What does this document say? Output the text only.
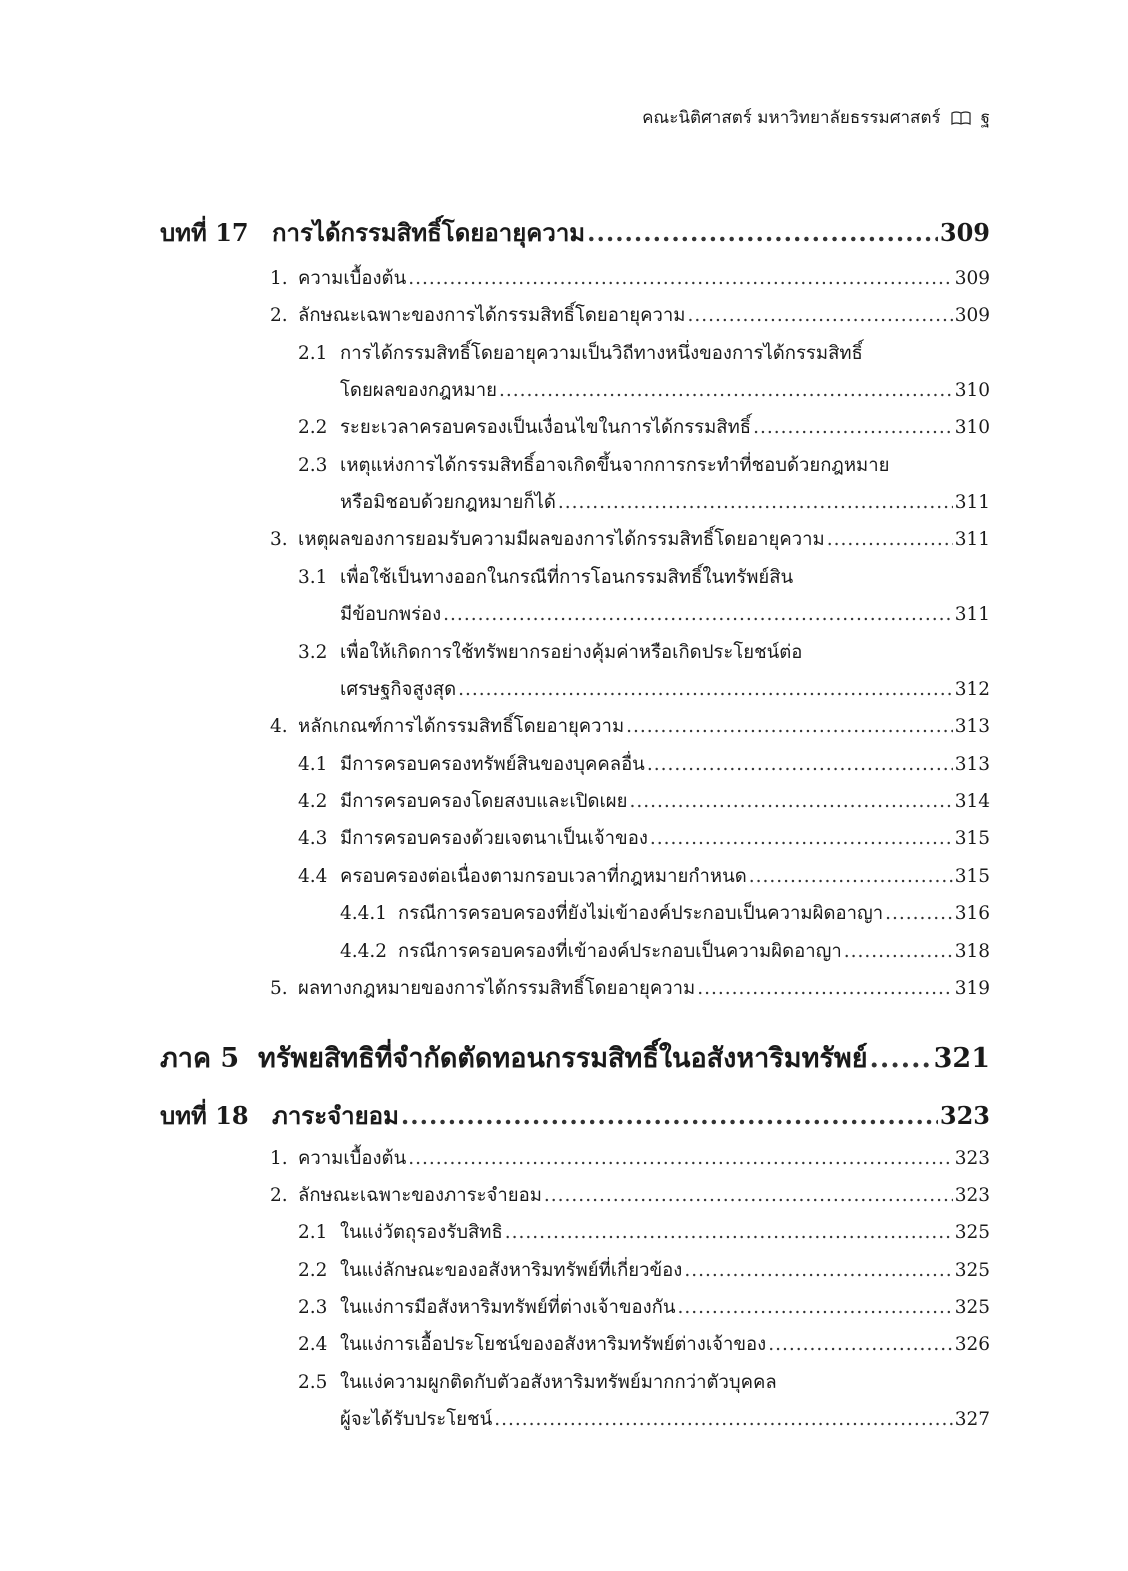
คณะนิติศาสตร์ มหาวิทยาลัยธรรมศาสตร์ ฐ
บทที่ 17 การได้กรรมสิทธิ์โดยอายุความ .....	309
1. ความเบื้องต้น .....	309
2. ลักษณะเฉพาะของการได้กรรมสิทธิ์โดยอายุความ .....	309
2.1 การได้กรรมสิทธิ์โดยอายุความเป็นวิถีทางหนึ่งของการได้กรรมสิทธิ์
โดยผลของกฎหมาย .....	310
2.2 ระยะเวลาครอบครองเป็นเงื่อนไขในการได้กรรมสิทธิ์ .....	310
2.3 เหตุแห่งการได้กรรมสิทธิ์อาจเกิดขึ้นจากการกระทำที่ชอบด้วยกฎหมาย
หรือมิชอบด้วยกฎหมายก็ได้ .....	311
3. เหตุผลของการยอมรับความมีผลของการได้กรรมสิทธิ์โดยอายุความ .....	311
3.1 เพื่อใช้เป็นทางออกในกรณีที่การโอนกรรมสิทธิ์ในทรัพย์สิน
มีข้อบกพร่อง .....	311
3.2 เพื่อให้เกิดการใช้ทรัพยากรอย่างคุ้มค่าหรือเกิดประโยชน์ต่อ
เศรษฐกิจสูงสุด .....	312
4. หลักเกณฑ์การได้กรรมสิทธิ์โดยอายุความ .....	313
4.1 มีการครอบครองทรัพย์สินของบุคคลอื่น .....	313
4.2 มีการครอบครองโดยสงบและเปิดเผย .....	314
4.3 มีการครอบครองด้วยเจตนาเป็นเจ้าของ .....	315
4.4 ครอบครองต่อเนื่องตามกรอบเวลาที่กฎหมายกำหนด .....	315
4.4.1 กรณีการครอบครองที่ยังไม่เข้าองค์ประกอบเป็นความผิดอาญา .....	316
4.4.2 กรณีการครอบครองที่เข้าองค์ประกอบเป็นความผิดอาญา .....	318
5. ผลทางกฎหมายของการได้กรรมสิทธิ์โดยอายุความ .....	319
ภาค 5 ทรัพยสิทธิที่จำกัดตัดทอนกรรมสิทธิ์ในอสังหาริมทรัพย์ ..... 321
บทที่ 18 ภาระจำยอม .....	323
1. ความเบื้องต้น .....	323
2. ลักษณะเฉพาะของภาระจำยอม .....	323
2.1 ในแง่วัตถุรองรับสิทธิ .....	325
2.2 ในแง่ลักษณะของอสังหาริมทรัพย์ที่เกี่ยวข้อง .....	325
2.3 ในแง่การมีอสังหาริมทรัพย์ที่ต่างเจ้าของกัน .....	325
2.4 ในแง่การเอื้อประโยชน์ของอสังหาริมทรัพย์ต่างเจ้าของ .....	326
2.5 ในแง่ความผูกติดกับตัวอสังหาริมทรัพย์มากกว่าตัวบุคคล
ผู้จะได้รับประโยชน์ .....	327
